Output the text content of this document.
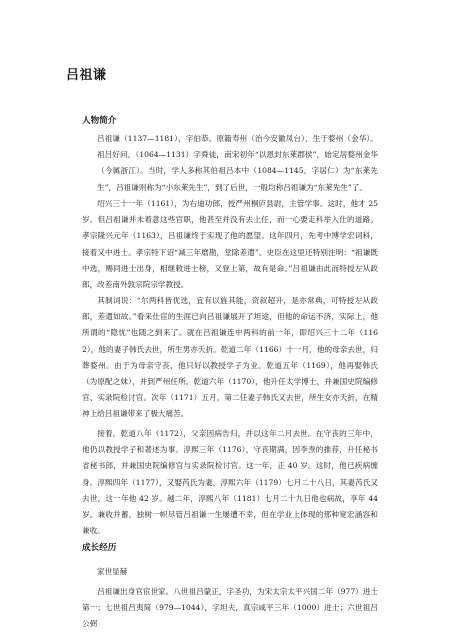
吕祖谦
人物简介

吕祖谦（1137—1181），字伯恭。原籍寿州（治今安徽凤台），生于婺州（金华）。祖吕好问，（1064—1131）字舜徒，南宋初年“以恩封东莱郡侯”，始定居婺州金华（今属浙江）。当时，学人多称其伯祖吕本中（1084—1145，字居仁）为“东莱先生”，吕祖谦则称为“小东莱先生”，到了后世，一般均称吕祖谦为“东莱先生”了。

绍兴三十一年（1161），为右迪功郎，授严州桐庐县尉，主管学事。这时，他才 25 岁。但吕祖谦并未着意这些官职，他甚至并没有去上任，而一心要走科举入仕的道路。孝宗隆兴元年（1163），吕祖谦终于实现了他的愿望。这年四月，先考中博学宏词科，接着又中进士。孝宗特下诏“减三年磨勘，堂除差遣”。史臣在这里还特别注明：“祖谦既中选，赐同进士出身，相继敕进士榜，又登上第，故有是命。”吕祖谦由此而特授左从政郎，改差南外敦宗院宗学教授。

其制词说：“尔两科皆优选，宜有以旌其能，资叙超升，是亦常典，可特授左从政郎，差遣如故。”看来仕宦的生涯已向吕祖谦展开了坦途，但他的命运不济，实际上，他所谓的“隐忧”也随之到来了。就在吕祖谦连中两科的前一年，即绍兴三十二年（1162），他的妻子韩氏去世，所生男亦夭折。乾道二年（1166）十一月，他的母亲去世，归葬婺州。由于为母亲守丧，他只好以教授学子为业。乾道五年（1169），他再娶韩氏（为原配之妹），并到严州任所。乾道六年（1170），他升任太学博士，并兼国史院编修官、实录院检讨官。次年（1171）五月，第二任妻子韩氏又去世，所生女亦夭折，在精神上给吕祖谦带来了极大痛苦。

接着，乾道八年（1172），父亲因病告归，并以这年二月去世。在守丧的三年中，他仍以教授学子和著述为事。淳熙三年（1176），守丧期满，因李焘的推荐，升任秘书省秘书郎，并兼国史院编修官与实录院检讨官。这一年，正 40 岁。这时，他已疾病缠身。淳熙四年（1177），又娶芮氏为妻，淳熙六年（1179）七月二十八日，其妻芮氏又去世，这一年他 42 岁。越二年，淳熙八年（1181）七月二十九日他也病故，享年 44 岁。兼收并蓄，独树一帜尽管吕祖谦一生屡遭不幸，但在学业上体现的那种宽宏涵容和兼收。

成长经历

家世显赫

吕祖谦出身官宦世家。八世祖吕蒙正，字圣功，为宋太宗太平兴国二年（977）进士第一；七世祖吕夷简（979—1044），字坦夫，真宗咸平三年（1000）进士；六世祖吕公弼
